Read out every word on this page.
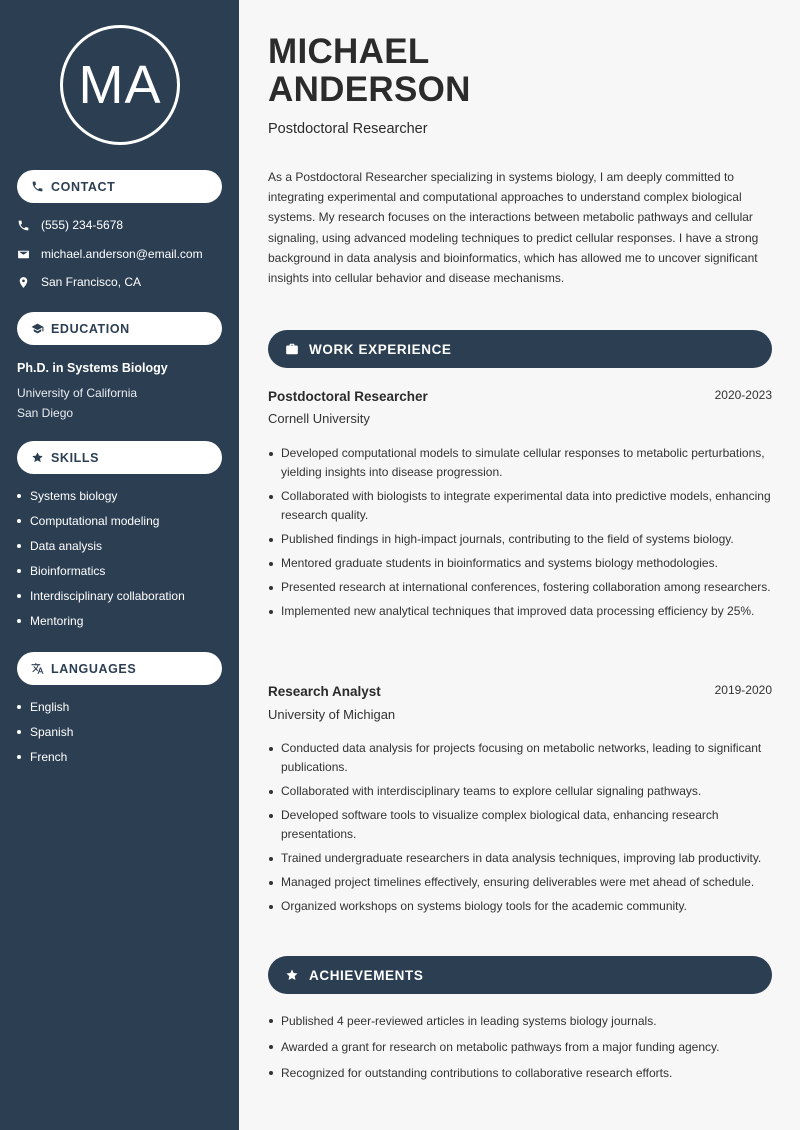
MA
CONTACT
(555) 234-5678
michael.anderson@email.com
San Francisco, CA
EDUCATION
Ph.D. in Systems Biology
University of California
San Diego
SKILLS
Systems biology
Computational modeling
Data analysis
Bioinformatics
Interdisciplinary collaboration
Mentoring
LANGUAGES
English
Spanish
French
MICHAEL
ANDERSON
Postdoctoral Researcher

As a Postdoctoral Researcher specializing in systems biology, I am deeply committed to integrating experimental and computational approaches to understand complex biological systems. My research focuses on the interactions between metabolic pathways and cellular signaling, using advanced modeling techniques to predict cellular responses. I have a strong background in data analysis and bioinformatics, which has allowed me to uncover significant insights into cellular behavior and disease mechanisms.

WORK EXPERIENCE
Postdoctoral Researcher	2020-2023
Cornell University
Developed computational models to simulate cellular responses to metabolic perturbations, yielding insights into disease progression.
Collaborated with biologists to integrate experimental data into predictive models, enhancing research quality.
Published findings in high-impact journals, contributing to the field of systems biology.
Mentored graduate students in bioinformatics and systems biology methodologies.
Presented research at international conferences, fostering collaboration among researchers.
Implemented new analytical techniques that improved data processing efficiency by 25%.
Research Analyst	2019-2020
University of Michigan
Conducted data analysis for projects focusing on metabolic networks, leading to significant publications.
Collaborated with interdisciplinary teams to explore cellular signaling pathways.
Developed software tools to visualize complex biological data, enhancing research presentations.
Trained undergraduate researchers in data analysis techniques, improving lab productivity.
Managed project timelines effectively, ensuring deliverables were met ahead of schedule.
Organized workshops on systems biology tools for the academic community.
ACHIEVEMENTS
Published 4 peer-reviewed articles in leading systems biology journals.
Awarded a grant for research on metabolic pathways from a major funding agency.
Recognized for outstanding contributions to collaborative research efforts.
